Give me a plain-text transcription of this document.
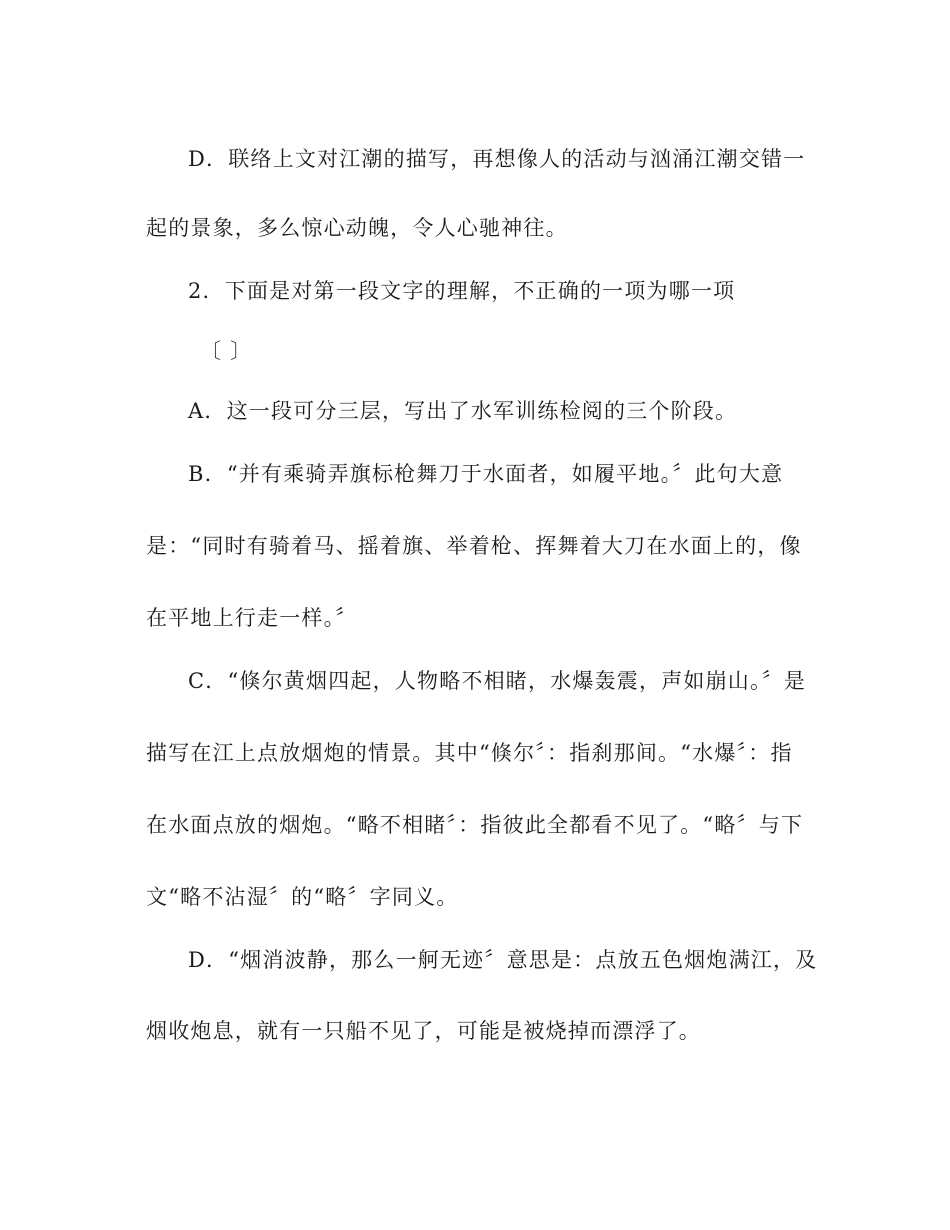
D．联络上文对江潮的描写，再想像人的活动与汹涌江潮交错一
起的景象，多么惊心动魄，令人心驰神往。
2．下面是对第一段文字的理解，不正确的一项为哪一项
〔 〕
A．这一段可分三层，写出了水军训练检阅的三个阶段。
B．“并有乘骑弄旗标枪舞刀于水面者，如履平地。〞此句大意
是：“同时有骑着马、摇着旗、举着枪、挥舞着大刀在水面上的，像
在平地上行走一样。〞
C．“倏尔黄烟四起，人物略不相睹，水爆轰震，声如崩山。〞是
描写在江上点放烟炮的情景。其中“倏尔〞：指刹那间。“水爆〞：指
在水面点放的烟炮。“略不相睹〞：指彼此全都看不见了。“略〞与下
文“略不沾湿〞的“略〞字同义。
D．“烟消波静，那么一舸无迹〞意思是：点放五色烟炮满江，及
烟收炮息，就有一只船不见了，可能是被烧掉而漂浮了。
